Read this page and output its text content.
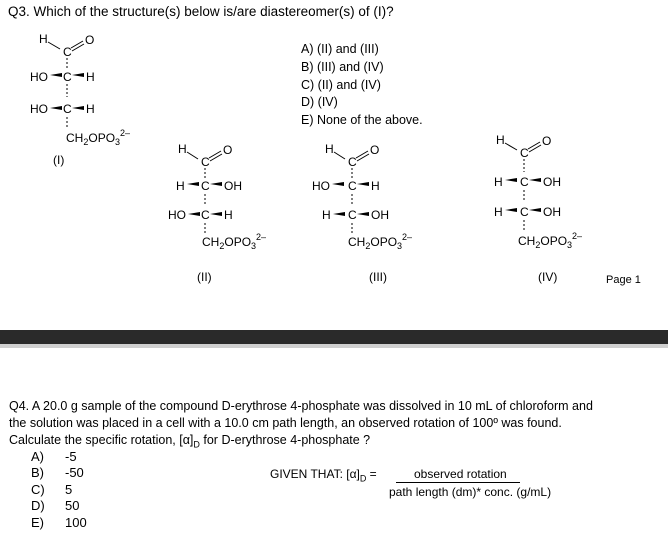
Q3. Which of the structure(s) below is/are diastereomer(s) of (I)?
A) (II) and (III)
B) (III) and (IV)
C) (II) and (IV)
D) (IV)
E) None of the above.
H
C
O
HO C H
HO C H
$CH_2OPO_3^{2-}$
(I)
H
C
O
H C OH
HO C H
$CH_2OPO_3^{2-}$
(II)
H
C
O
HO C H
H C OH
$CH_2OPO_3^{2-}$
(III)
H
C
O
H C OH
H C OH
$CH_2OPO_3^{2-}$
(IV)	Page 1
Q4. A 20.0 g sample of the compound D-erythrose 4-phosphate was dissolved in 10 mL of chloroform and
the solution was placed in a cell with a 10.0 cm path length, an observed rotation of 100º was found.
Calculate the specific rotation, $[\alpha]_D$ for D-erythrose 4-phosphate ?
A) -5
B) -50
C) 5
D) 50
E) 100
GIVEN THAT: $[\alpha]_D$ =	observed rotation
path length (dm)* conc. (g/mL)
